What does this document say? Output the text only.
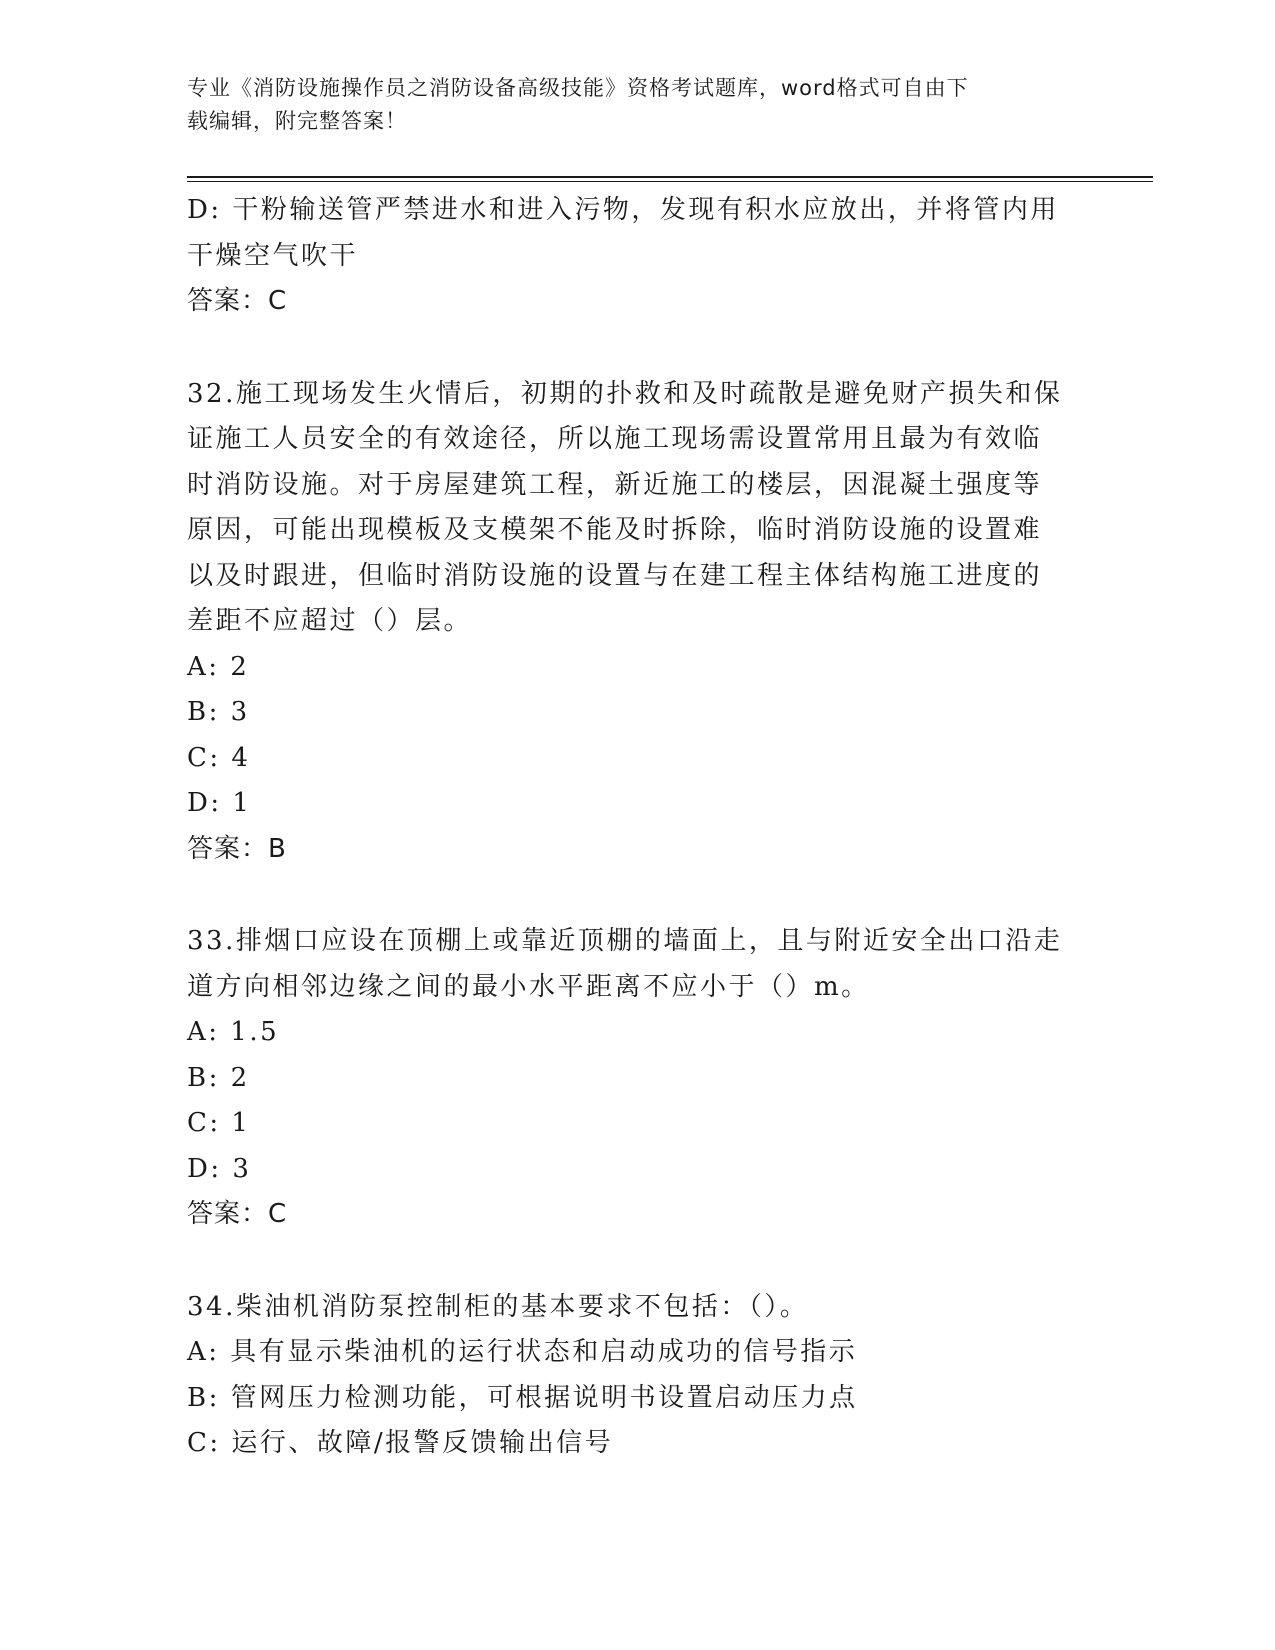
专业《消防设施操作员之消防设备高级技能》资格考试题库，word格式可自由下
载编辑，附完整答案！
D: 干粉输送管严禁进水和进入污物，发现有积水应放出，并将管内用
干燥空气吹干
答案：C
32.施工现场发生火情后，初期的扑救和及时疏散是避免财产损失和保
证施工人员安全的有效途径，所以施工现场需设置常用且最为有效临
时消防设施。对于房屋建筑工程，新近施工的楼层，因混凝土强度等
原因，可能出现模板及支模架不能及时拆除，临时消防设施的设置难
以及时跟进，但临时消防设施的设置与在建工程主体结构施工进度的
差距不应超过（）层。
A: 2
B: 3
C: 4
D: 1
答案：B
33.排烟口应设在顶棚上或靠近顶棚的墙面上，且与附近安全出口沿走
道方向相邻边缘之间的最小水平距离不应小于（）m。
A: 1.5
B: 2
C: 1
D: 3
答案：C
34.柴油机消防泵控制柜的基本要求不包括：（）。
A: 具有显示柴油机的运行状态和启动成功的信号指示
B: 管网压力检测功能，可根据说明书设置启动压力点
C: 运行、故障/报警反馈输出信号
